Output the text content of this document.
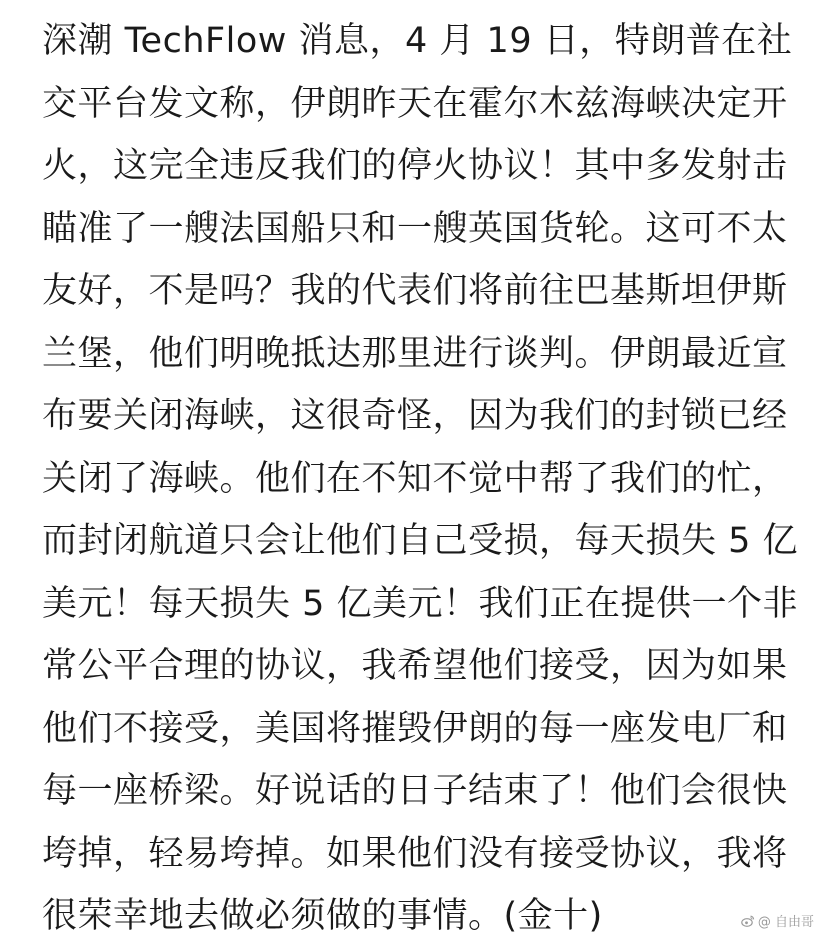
深潮 TechFlow 消息，4 月 19 日，特朗普在社
交平台发文称，伊朗昨天在霍尔木兹海峡决定开
火，这完全违反我们的停火协议！其中多发射击
瞄准了一艘法国船只和一艘英国货轮。这可不太
友好，不是吗？我的代表们将前往巴基斯坦伊斯
兰堡，他们明晚抵达那里进行谈判。伊朗最近宣
布要关闭海峡，这很奇怪，因为我们的封锁已经
关闭了海峡。他们在不知不觉中帮了我们的忙，
而封闭航道只会让他们自己受损，每天损失 5 亿
美元！每天损失 5 亿美元！我们正在提供一个非
常公平合理的协议，我希望他们接受，因为如果
他们不接受，美国将摧毁伊朗的每一座发电厂和
每一座桥梁。好说话的日子结束了！他们会很快
垮掉，轻易垮掉。如果他们没有接受协议，我将
很荣幸地去做必须做的事情。(金十)	@ 自由哥
